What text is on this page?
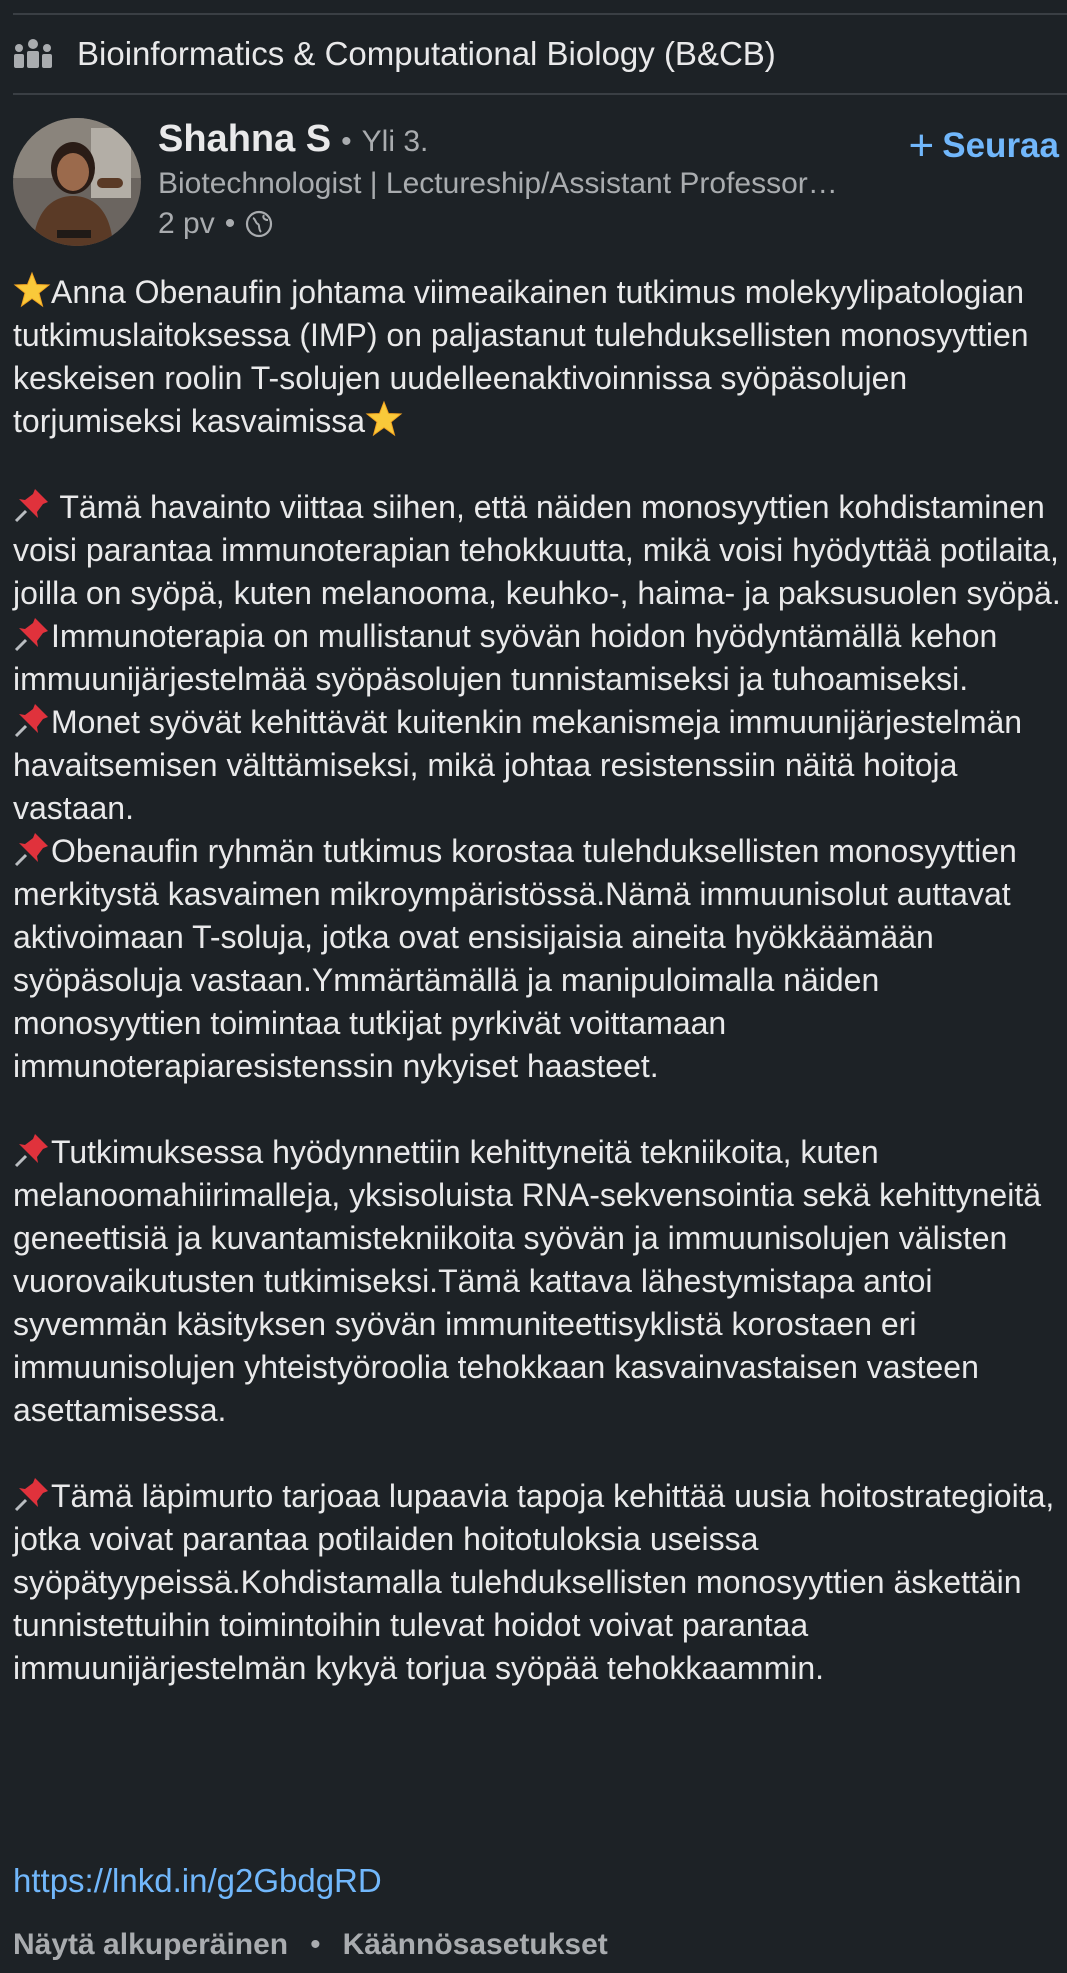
Bioinformatics & Computational Biology (B&CB)
Shahna S • Yli 3.
Biotechnologist | Lectureship/Assistant Professor…
2 pv •
+ Seuraa

Anna Obenaufin johtama viimeaikainen tutkimus molekyylipatologian tutkimuslaitoksessa (IMP) on paljastanut tulehduksellisten monosyyttien keskeisen roolin T-solujen uudelleenaktivoinnissa syöpäsolujen torjumiseksi kasvaimissa

Tämä havainto viittaa siihen, että näiden monosyyttien kohdistaminen voisi parantaa immunoterapian tehokkuutta, mikä voisi hyödyttää potilaita, joilla on syöpä, kuten melanooma, keuhko-, haima- ja paksusuolen syöpä.

Immunoterapia on mullistanut syövän hoidon hyödyntämällä kehon immuunijärjestelmää syöpäsolujen tunnistamiseksi ja tuhoamiseksi.

Monet syövät kehittävät kuitenkin mekanismeja immuunijärjestelmän havaitsemisen välttämiseksi, mikä johtaa resistenssiin näitä hoitoja vastaan.

Obenaufin ryhmän tutkimus korostaa tulehduksellisten monosyyttien merkitystä kasvaimen mikroympäristössä.Nämä immuunisolut auttavat aktivoimaan T-soluja, jotka ovat ensisijaisia aineita hyökkäämään syöpäsoluja vastaan.Ymmärtämällä ja manipuloimalla näiden monosyyttien toimintaa tutkijat pyrkivät voittamaan immunoterapiaresistenssin nykyiset haasteet.

Tutkimuksessa hyödynnettiin kehittyneitä tekniikoita, kuten melanoomahiirimalleja, yksisoluista RNA-sekvensointia sekä kehittyneitä geneettisiä ja kuvantamistekniikoita syövän ja immuunisolujen välisten vuorovaikutusten tutkimiseksi.Tämä kattava lähestymistapa antoi syvemmän käsityksen syövän immuniteettisyklistä korostaen eri immuunisolujen yhteistyöroolia tehokkaan kasvainvastaisen vasteen asettamisessa.

Tämä läpimurto tarjoaa lupaavia tapoja kehittää uusia hoitostrategioita, jotka voivat parantaa potilaiden hoitotuloksia useissa syöpätyypeissä.Kohdistamalla tulehduksellisten monosyyttien äskettäin tunnistettuihin toimintoihin tulevat hoidot voivat parantaa immuunijärjestelmän kykyä torjua syöpää tehokkaammin.

https://lnkd.in/g2GbdgRD
Näytä alkuperäinen • Käännösasetukset
